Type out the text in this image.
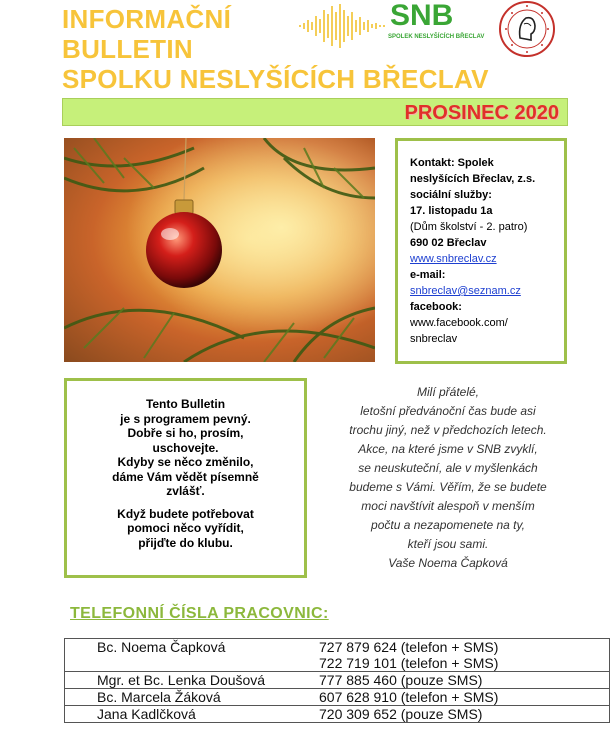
INFORMAČNÍ
BULLETIN
SPOLKU NESLYŠÍCÍCH BŘECLAV
SNB
SPOLEK NESLYŠÍCÍCH BŘECLAV
PROSINEC 2020
Kontakt: Spolek neslyšících Břeclav, z.s. sociální služby:
17. listopadu 1a
(Dům školství - 2. patro)
690 02 Břeclav
www.snbreclav.cz
e-mail:
snbreclav@seznam.cz
facebook:
www.facebook.com/
snbreclav
Tento Bulletin
je s programem pevný.
Dobře si ho, prosím,
uschovejte.
Kdyby se něco změnilo,
dáme Vám vědět písemně
zvlášť.
Když budete potřebovat
pomoci něco vyřídit,
přijďte do klubu.
Milí přátelé,
letošní předvánoční čas bude asi
trochu jiný, než v předchozích letech.
Akce, na které jsme v SNB zvyklí,
se neuskuteční, ale v myšlenkách
budeme s Vámi. Věřím, že se budete
moci navštívit alespoň v menším
počtu a nezapomenete na ty,
kteří jsou sami.
Vaše Noema Čapková
TELEFONNÍ ČÍSLA PRACOVNIC:
Bc. Noema Čapková	727 879 624 (telefon + SMS)
722 719 101 (telefon + SMS)

Mgr. et Bc. Lenka Doušová	777 885 460 (pouze SMS)

Bc. Marcela Žáková	607 628 910 (telefon + SMS)

Jana Kadlčková	720 309 652 (pouze SMS)
